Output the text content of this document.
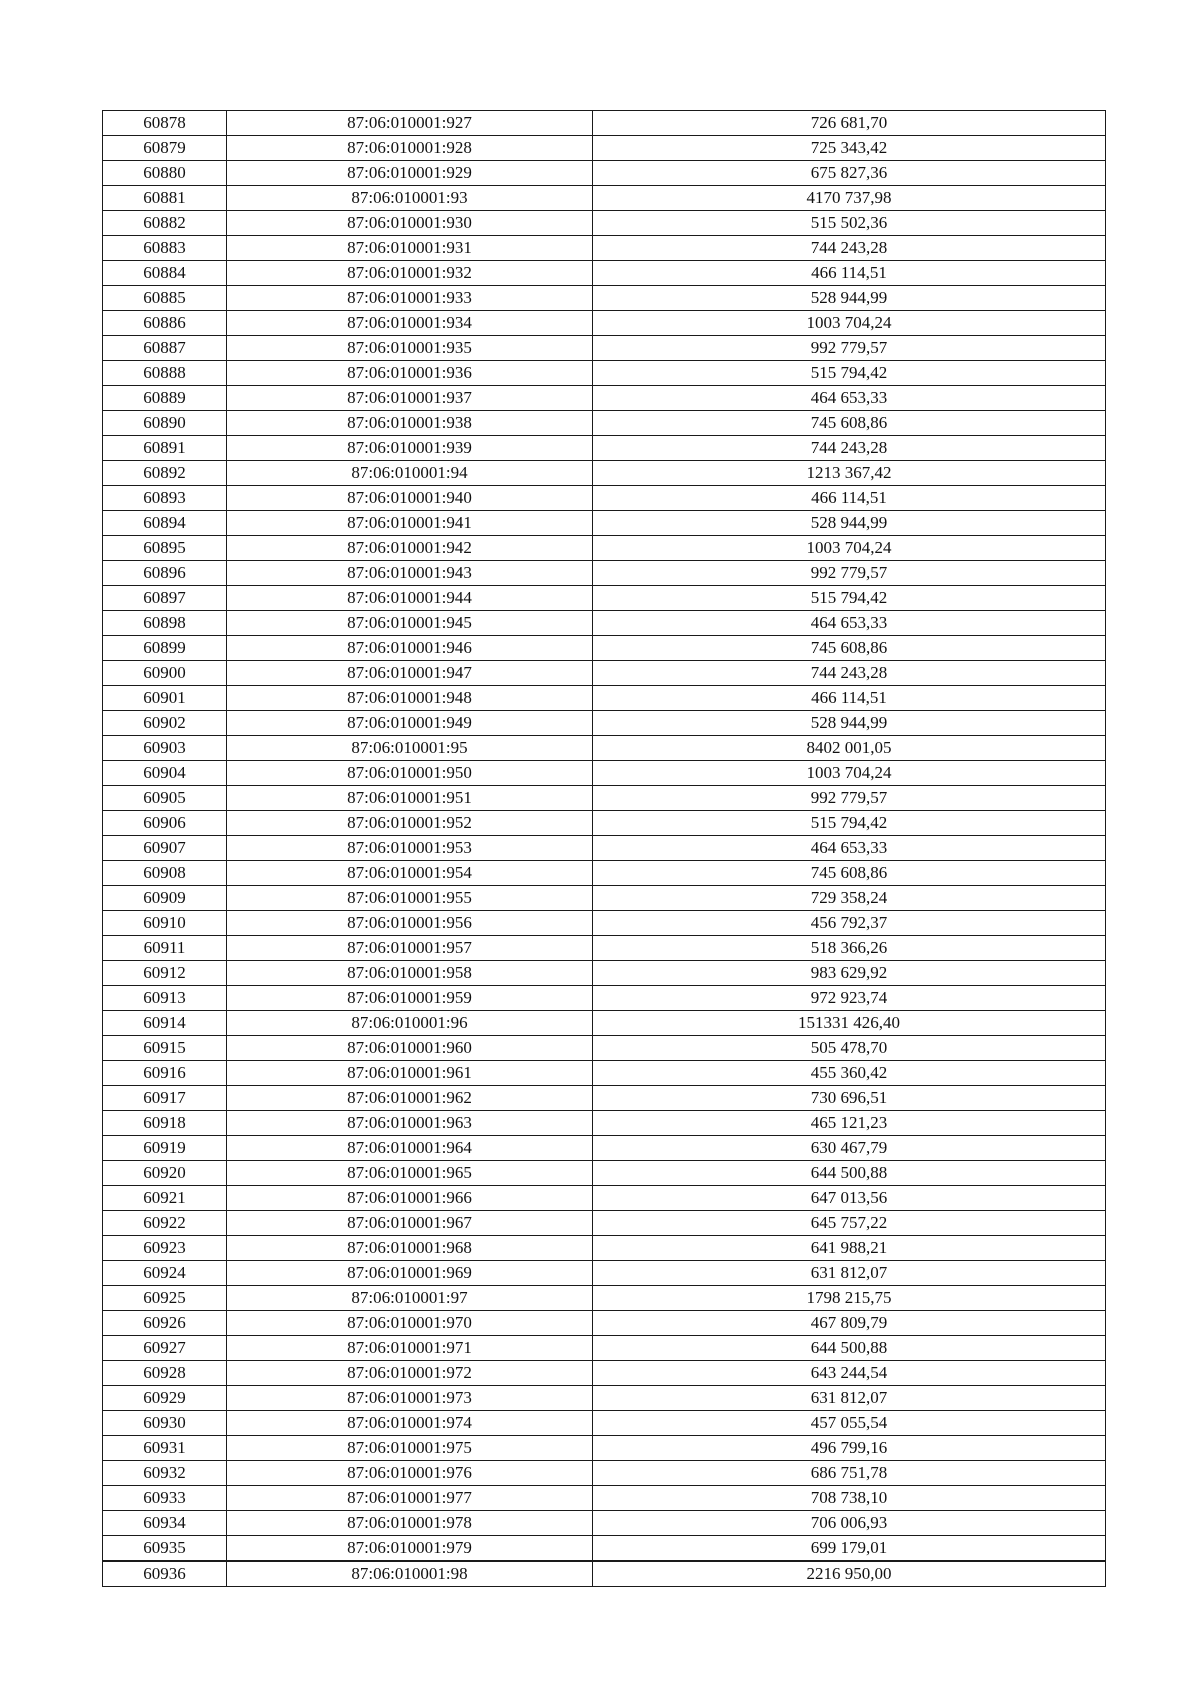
60878	87:06:010001:927	726 681,70
60879	87:06:010001:928	725 343,42
60880	87:06:010001:929	675 827,36
60881	87:06:010001:93	4170 737,98
60882	87:06:010001:930	515 502,36
60883	87:06:010001:931	744 243,28
60884	87:06:010001:932	466 114,51
60885	87:06:010001:933	528 944,99
60886	87:06:010001:934	1003 704,24
60887	87:06:010001:935	992 779,57
60888	87:06:010001:936	515 794,42
60889	87:06:010001:937	464 653,33
60890	87:06:010001:938	745 608,86
60891	87:06:010001:939	744 243,28
60892	87:06:010001:94	1213 367,42
60893	87:06:010001:940	466 114,51
60894	87:06:010001:941	528 944,99
60895	87:06:010001:942	1003 704,24
60896	87:06:010001:943	992 779,57
60897	87:06:010001:944	515 794,42
60898	87:06:010001:945	464 653,33
60899	87:06:010001:946	745 608,86
60900	87:06:010001:947	744 243,28
60901	87:06:010001:948	466 114,51
60902	87:06:010001:949	528 944,99
60903	87:06:010001:95	8402 001,05
60904	87:06:010001:950	1003 704,24
60905	87:06:010001:951	992 779,57
60906	87:06:010001:952	515 794,42
60907	87:06:010001:953	464 653,33
60908	87:06:010001:954	745 608,86
60909	87:06:010001:955	729 358,24
60910	87:06:010001:956	456 792,37
60911	87:06:010001:957	518 366,26
60912	87:06:010001:958	983 629,92
60913	87:06:010001:959	972 923,74
60914	87:06:010001:96	151331 426,40
60915	87:06:010001:960	505 478,70
60916	87:06:010001:961	455 360,42
60917	87:06:010001:962	730 696,51
60918	87:06:010001:963	465 121,23
60919	87:06:010001:964	630 467,79
60920	87:06:010001:965	644 500,88
60921	87:06:010001:966	647 013,56
60922	87:06:010001:967	645 757,22
60923	87:06:010001:968	641 988,21
60924	87:06:010001:969	631 812,07
60925	87:06:010001:97	1798 215,75
60926	87:06:010001:970	467 809,79
60927	87:06:010001:971	644 500,88
60928	87:06:010001:972	643 244,54
60929	87:06:010001:973	631 812,07
60930	87:06:010001:974	457 055,54
60931	87:06:010001:975	496 799,16
60932	87:06:010001:976	686 751,78
60933	87:06:010001:977	708 738,10
60934	87:06:010001:978	706 006,93
60935	87:06:010001:979	699 179,01
60936	87:06:010001:98	2216 950,00
